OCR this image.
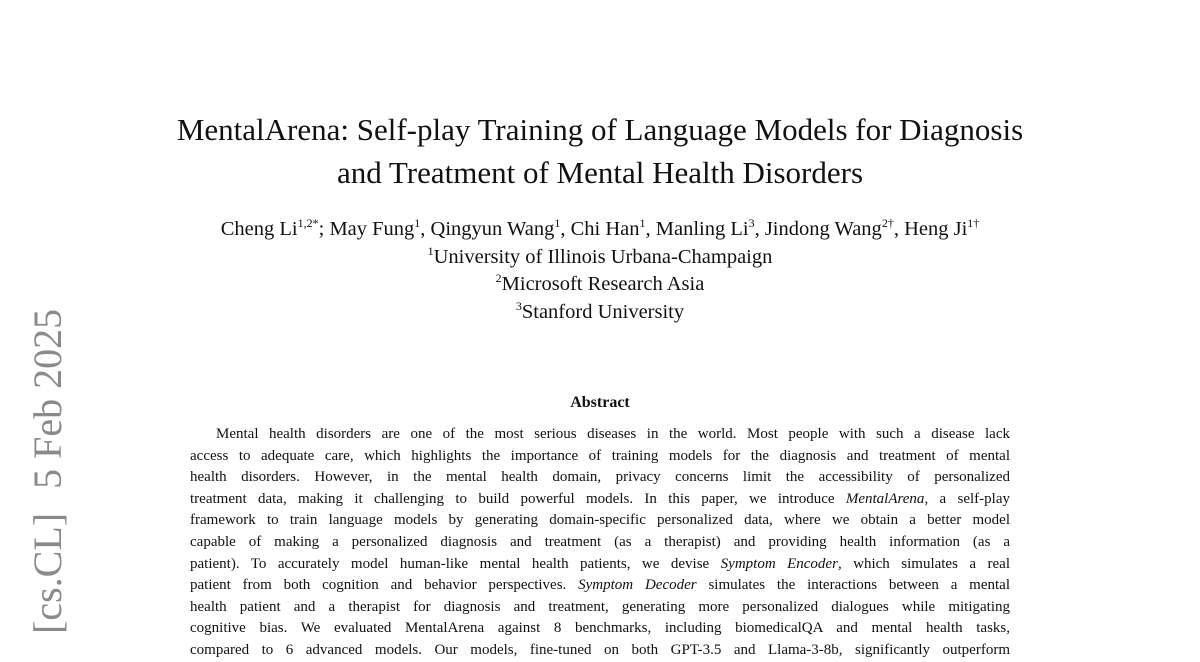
[cs.CL]5 Feb 2025
MentalArena: Self-play Training of Language Models for Diagnosis
and Treatment of Mental Health Disorders
Cheng $Li^{1,2*}$; May Fung$^1$, Qingyun Wang$^1$, Chi Han$^1$, Manling Li$^3$, Jindong Wang$^{2\dagger}$, Heng $Ji^{1\dagger}$
$^1$University of Illinois Urbana-Champaign
$^2$Microsoft Research Asia
$^3$Stanford University
Abstract
Mental health disorders are one of the most serious diseases in the world. Most people with such a disease lack
access to adequate care, which highlights the importance of training models for the diagnosis and treatment of mental
health disorders. However, in the mental health domain, privacy concerns limit the accessibility of personalized
treatment data, making it challenging to build powerful models. In this paper, we introduce MentalArena, a self-play
framework to train language models by generating domain-specific personalized data, where we obtain a better model
capable of making a personalized diagnosis and treatment (as a therapist) and providing health information (as a
patient). To accurately model human-like mental health patients, we devise Symptom Encoder, which simulates a real
patient from both cognition and behavior perspectives. Symptom Decoder simulates the interactions between a mental
health patient and a therapist for diagnosis and treatment, generating more personalized dialogues while mitigating
cognitive bias. We evaluated MentalArena against 8 benchmarks, including biomedicalQA and mental health tasks,
compared to 6 advanced models. Our models, fine-tuned on both GPT-3.5 and Llama-3-8b, significantly outperform
